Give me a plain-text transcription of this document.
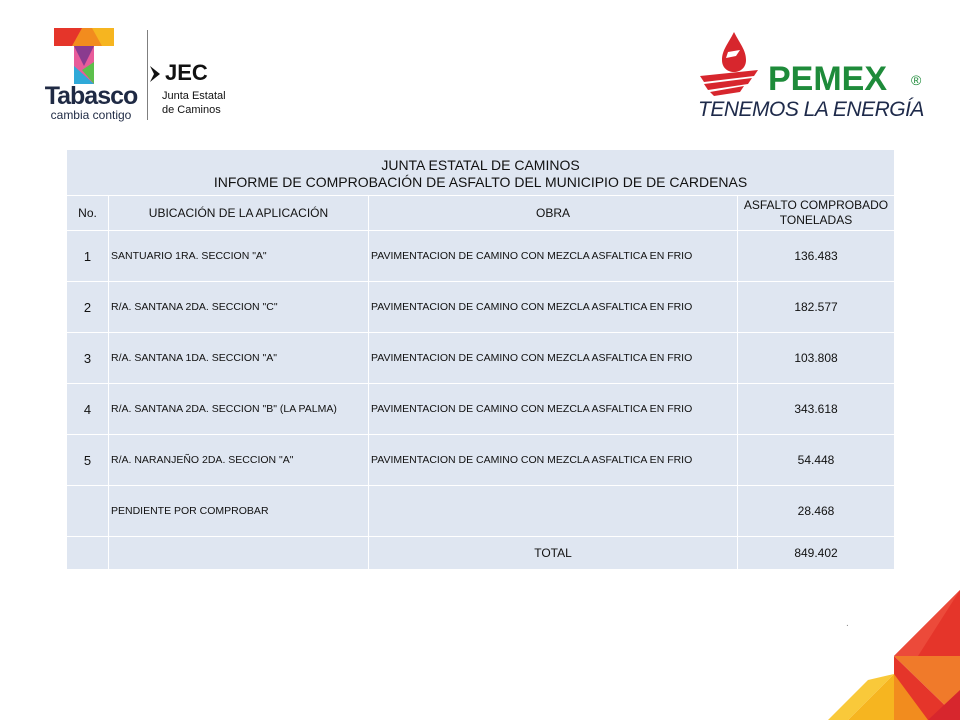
Tabasco
cambia contigo
JEC
Junta Estatal
de Caminos
PEMEX ®
TENEMOS LA ENERGÍA
JUNTA ESTATAL DE CAMINOS
INFORME DE COMPROBACIÓN DE ASFALTO DEL MUNICIPIO DE DE CARDENAS			

No.	UBICACIÓN DE LA APLICACIÓN	OBRA	ASFALTO COMPROBADO
TONELADAS

1	SANTUARIO 1RA. SECCION "A"	PAVIMENTACION DE CAMINO CON MEZCLA ASFALTICA EN FRIO	136.483
2	R/A. SANTANA 2DA. SECCION "C"	PAVIMENTACION DE CAMINO CON MEZCLA ASFALTICA EN FRIO	182.577
3	R/A. SANTANA 1DA. SECCION "A"	PAVIMENTACION DE CAMINO CON MEZCLA ASFALTICA EN FRIO	103.808
4	R/A. SANTANA 2DA. SECCION "B" (LA PALMA)	PAVIMENTACION DE CAMINO CON MEZCLA ASFALTICA EN FRIO	343.618
5	R/A. NARANJEÑO 2DA. SECCION "A"	PAVIMENTACION DE CAMINO CON MEZCLA ASFALTICA EN FRIO	54.448
	PENDIENTE POR COMPROBAR		28.468
		TOTAL	849.402
.
